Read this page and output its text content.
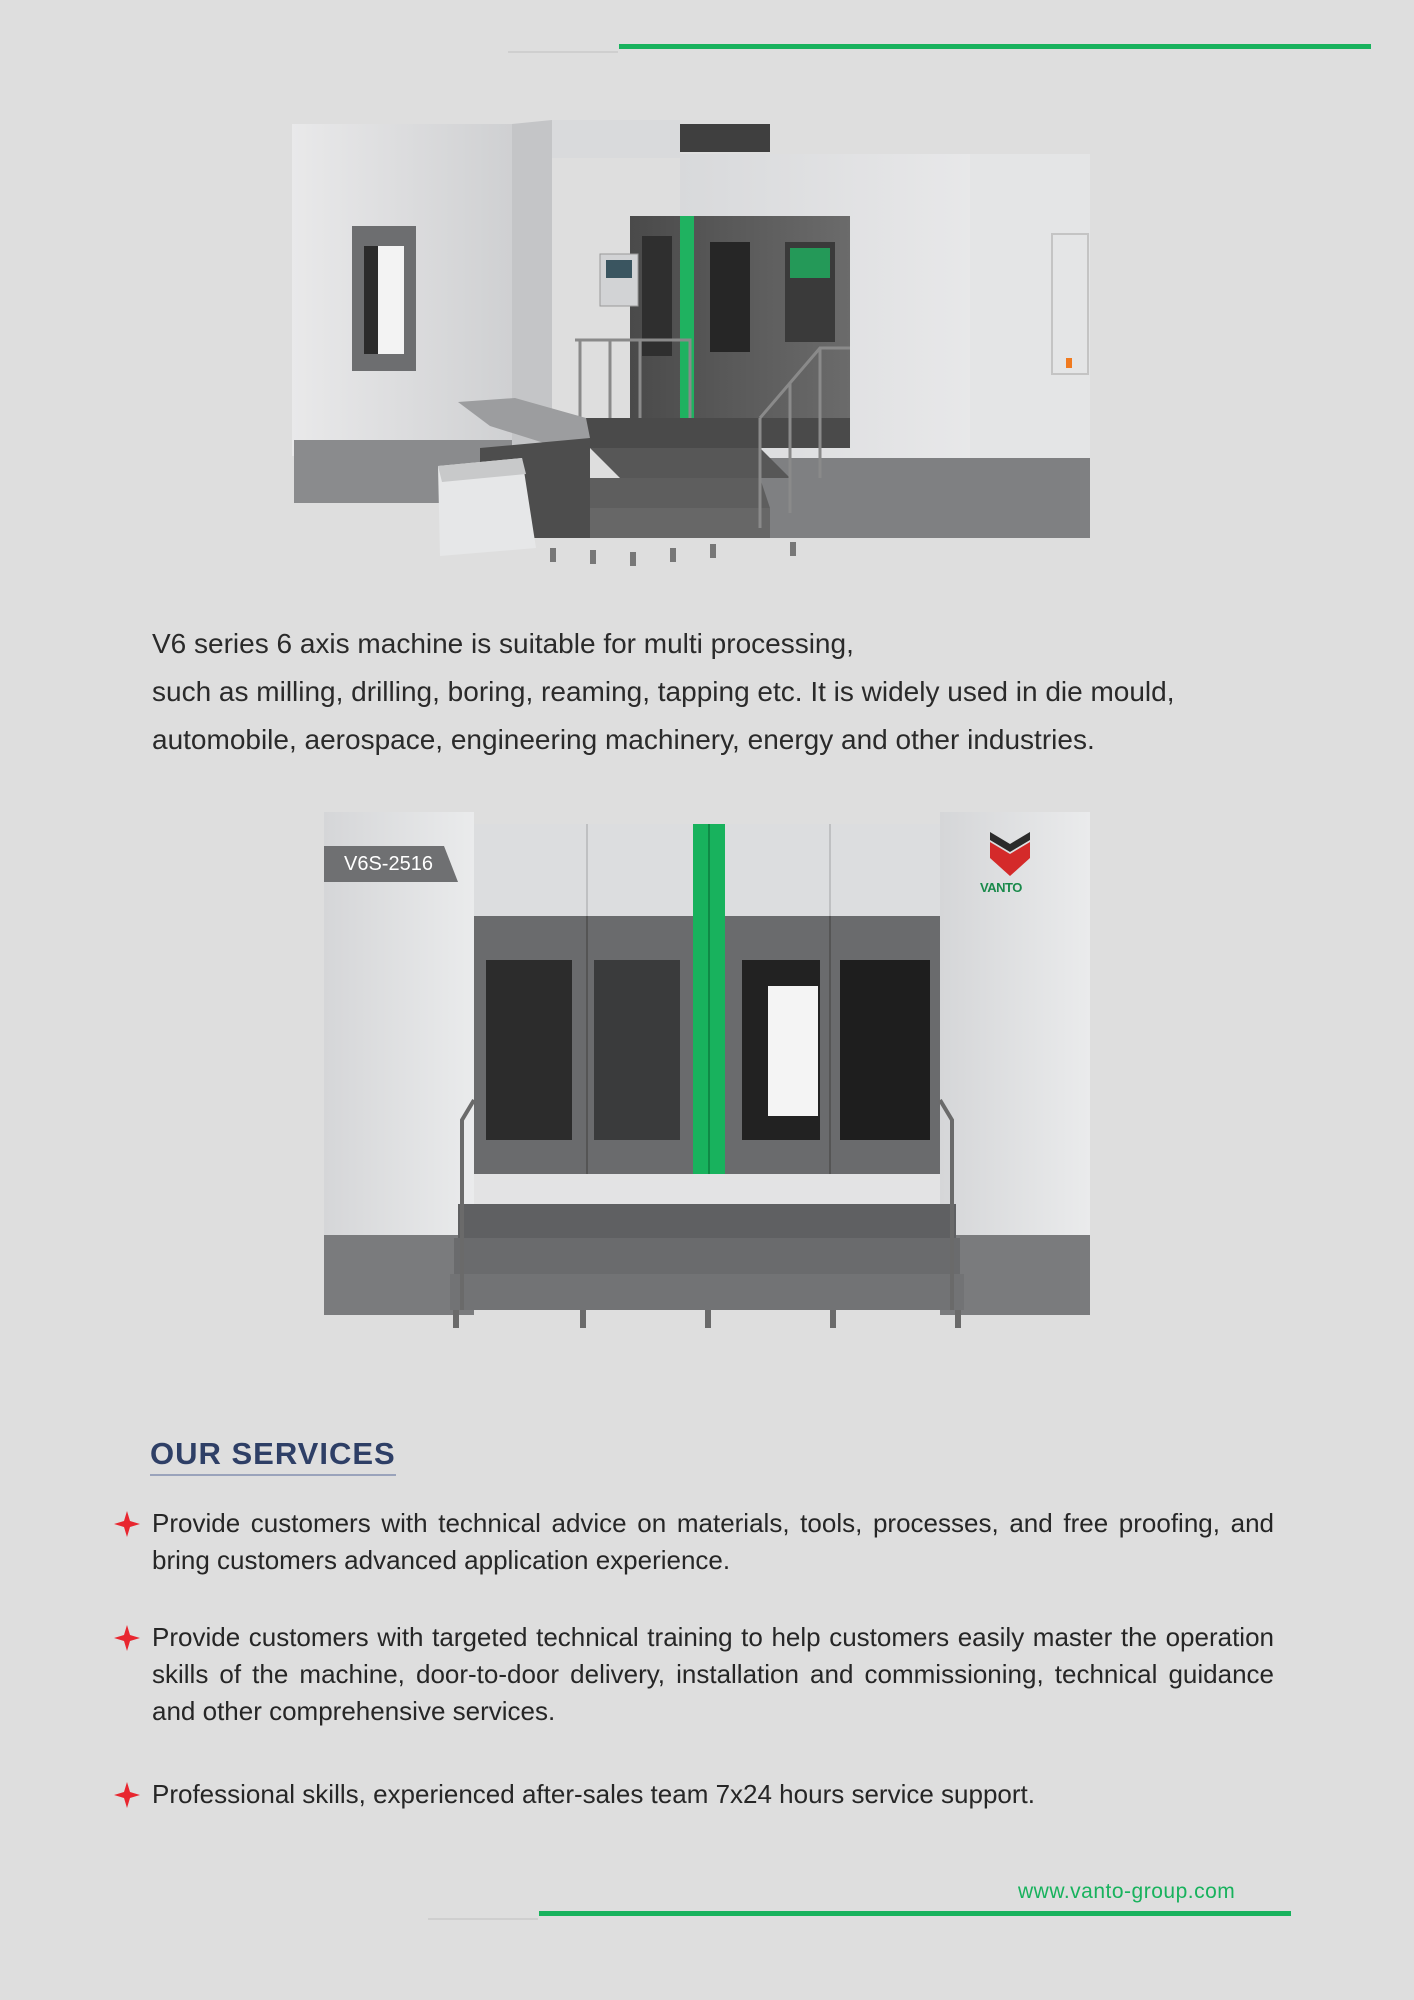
V6 series 6 axis machine is suitable for multi processing,
such as milling, drilling, boring, reaming, tapping etc. It is widely used in die mould,
automobile, aerospace, engineering machinery, energy and other industries.
V6S-2516
VANTO
OUR SERVICES
Provide customers with technical advice on materials, tools, processes, and free proofing, and bring customers advanced application experience.
Provide customers with targeted technical training to help customers easily master the operation skills of the machine, door-to-door delivery, installation and commissioning, technical guidance and other comprehensive services.
Professional skills, experienced after-sales team 7x24 hours service support.
www.vanto-group.com
